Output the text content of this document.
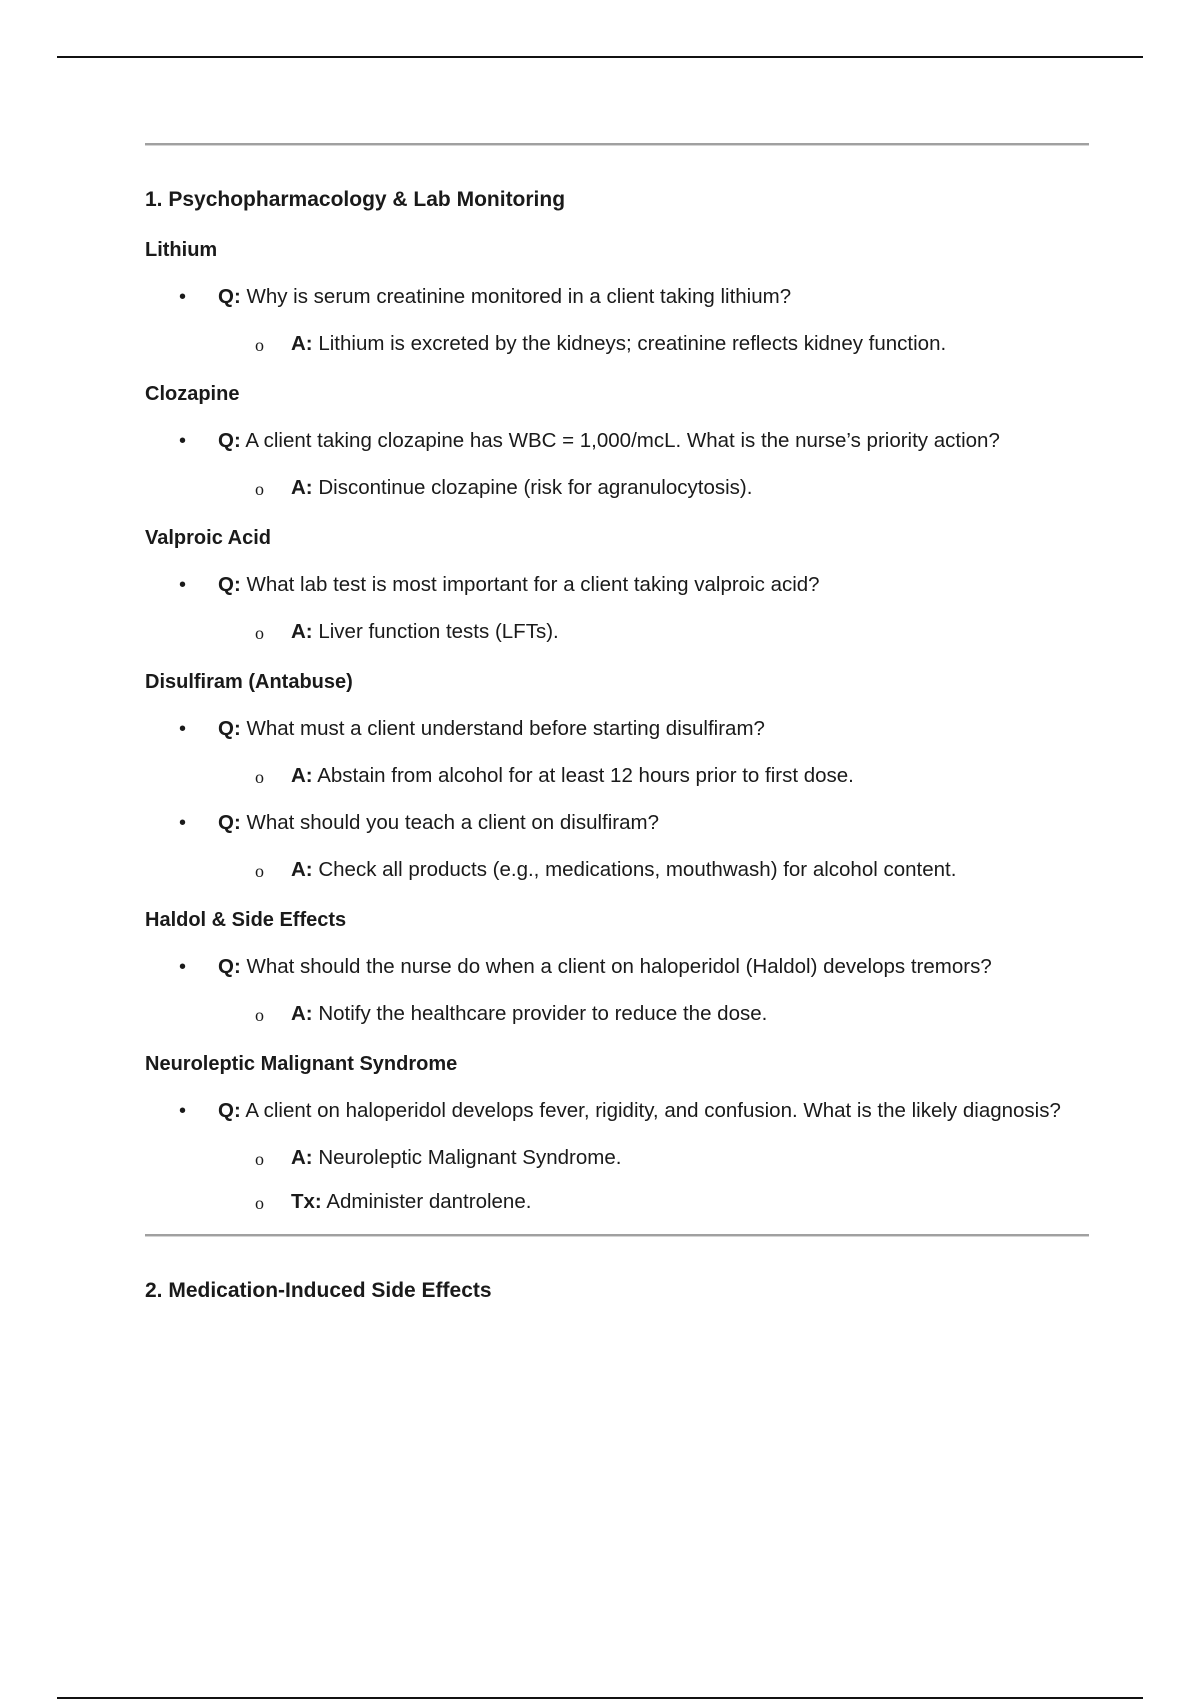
1. Psychopharmacology & Lab Monitoring
Lithium
• Q: Why is serum creatinine monitored in a client taking lithium?
o A: Lithium is excreted by the kidneys; creatinine reflects kidney function.
Clozapine
• Q: A client taking clozapine has WBC = 1,000/mcL. What is the nurse’s priority action?
o A: Discontinue clozapine (risk for agranulocytosis).
Valproic Acid
• Q: What lab test is most important for a client taking valproic acid?
o A: Liver function tests (LFTs).
Disulfiram (Antabuse)
• Q: What must a client understand before starting disulfiram?
o A: Abstain from alcohol for at least 12 hours prior to first dose.
• Q: What should you teach a client on disulfiram?
o A: Check all products (e.g., medications, mouthwash) for alcohol content.
Haldol & Side Effects
• Q: What should the nurse do when a client on haloperidol (Haldol) develops tremors?
o A: Notify the healthcare provider to reduce the dose.
Neuroleptic Malignant Syndrome
• Q: A client on haloperidol develops fever, rigidity, and confusion. What is the likely diagnosis?
o A: Neuroleptic Malignant Syndrome.
o Tx: Administer dantrolene.
2. Medication-Induced Side Effects
